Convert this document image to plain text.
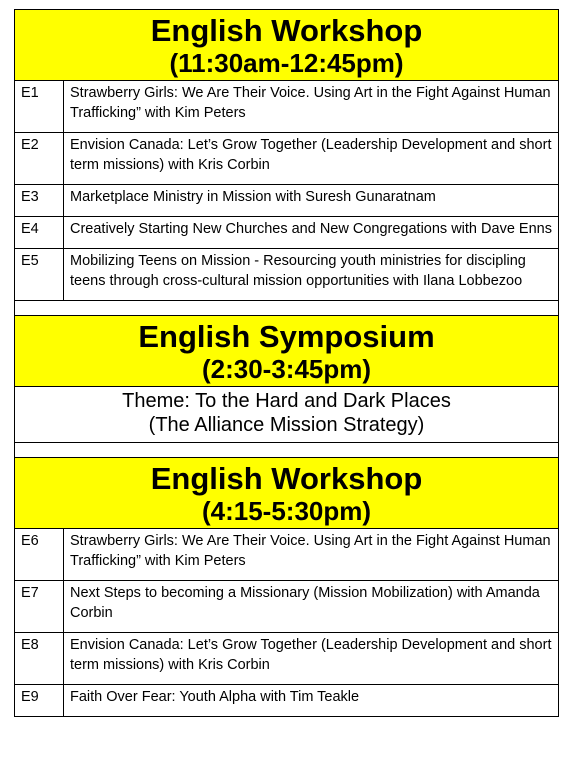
English Workshop
(11:30am-12:45pm)	

E1	Strawberry Girls: We Are Their Voice. Using Art in the Fight Against Human Trafficking” with Kim Peters
E2	Envision Canada: Let’s Grow Together (Leadership Development and short term missions) with Kris Corbin
E3	Marketplace Ministry in Mission with Suresh Gunaratnam
E4	Creatively Starting New Churches and New Congregations with Dave Enns
E5	Mobilizing Teens on Mission - Resourcing youth ministries for discipling teens through cross-cultural mission opportunities with Ilana Lobbezoo

English Symposium
(2:30-3:45pm)	

Theme: To the Hard and Dark Places
(The Alliance Mission Strategy)	

English Workshop
(4:15-5:30pm)	

E6	Strawberry Girls: We Are Their Voice. Using Art in the Fight Against Human Trafficking” with Kim Peters
E7	Next Steps to becoming a Missionary (Mission Mobilization) with Amanda Corbin
E8	Envision Canada: Let’s Grow Together (Leadership Development and short term missions) with Kris Corbin
E9	Faith Over Fear: Youth Alpha with Tim Teakle
